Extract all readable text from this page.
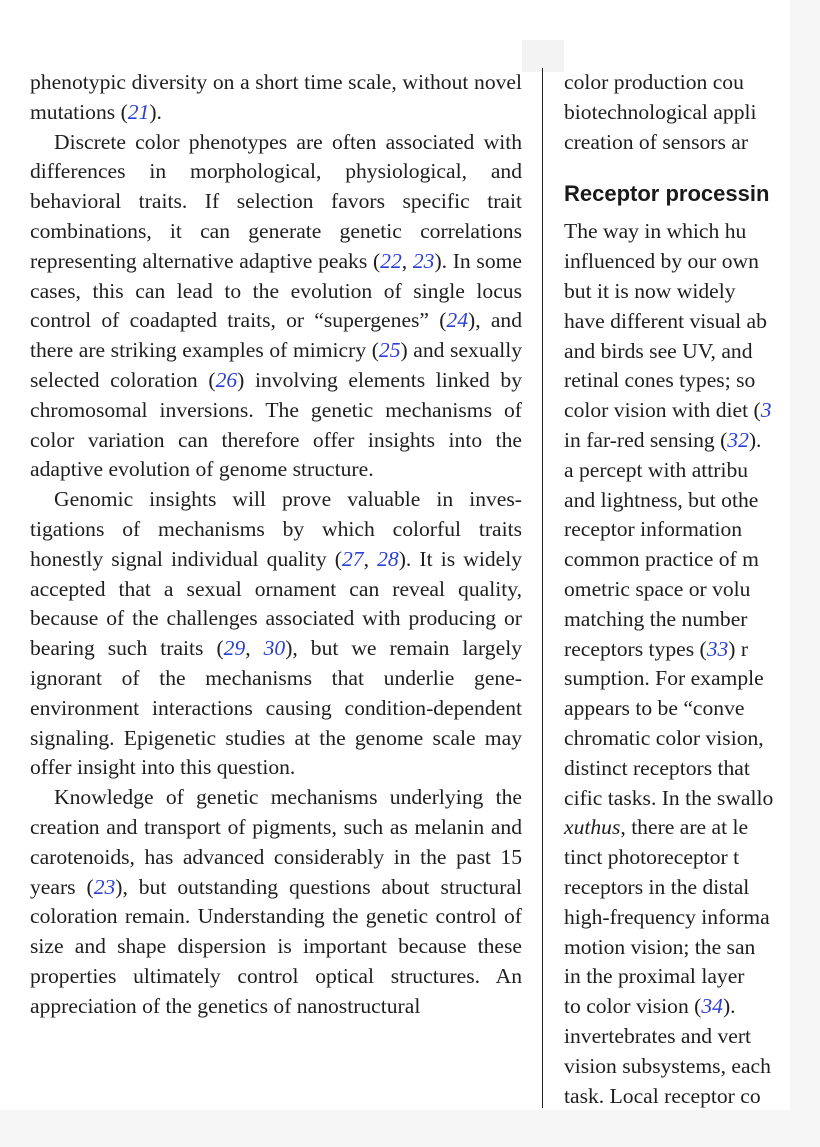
phenotypic diversity on a short time scale, without novel mutations (21).

Discrete color phenotypes are often associated with differences in morphological, physiological, and behavioral traits. If selection favors specific trait combinations, it can generate genetic correlations representing alternative adaptive peaks (22, 23). In some cases, this can lead to the evolution of single locus control of coadapted traits, or “supergenes” (24), and there are striking examples of mimicry (25) and sexually selected coloration (26) involving elements linked by chromosomal inversions. The genetic mechanisms of color variation can therefore offer insights into the adaptive evolution of genome structure.

Genomic insights will prove valuable in investigations of mechanisms by which colorful traits honestly signal individual quality (27, 28). It is widely accepted that a sexual ornament can reveal quality, because of the challenges associated with producing or bearing such traits (29, 30), but we remain largely ignorant of the mechanisms that underlie gene-environment interactions causing condition-dependent signaling. Epigenetic studies at the genome scale may offer insight into this question.

Knowledge of genetic mechanisms underlying the creation and transport of pigments, such as melanin and carotenoids, has advanced considerably in the past 15 years (23), but outstanding questions about structural coloration remain. Understanding the genetic control of size and shape dispersion is important because these properties ultimately control optical structures. An appreciation of the genetics of nanostructural

color production cou
biotechnological appli
creation of sensors ar
Receptor processin
The way in which hu
influenced by our own
but it is now widely
have different visual ab
and birds see UV, and
retinal cones types; so
color vision with diet (3
in far-red sensing (32).
a percept with attribu
and lightness, but othe
receptor information
common practice of m
ometric space or volu
matching the number
receptors types (33) r
sumption. For example
appears to be “conve
chromatic color vision,
distinct receptors that
cific tasks. In the swallo
xuthus, there are at le
tinct photoreceptor t
receptors in the distal
high-frequency informa
motion vision; the san
in the proximal layer
to color vision (34).
invertebrates and vert
vision subsystems, each
task. Local receptor co
